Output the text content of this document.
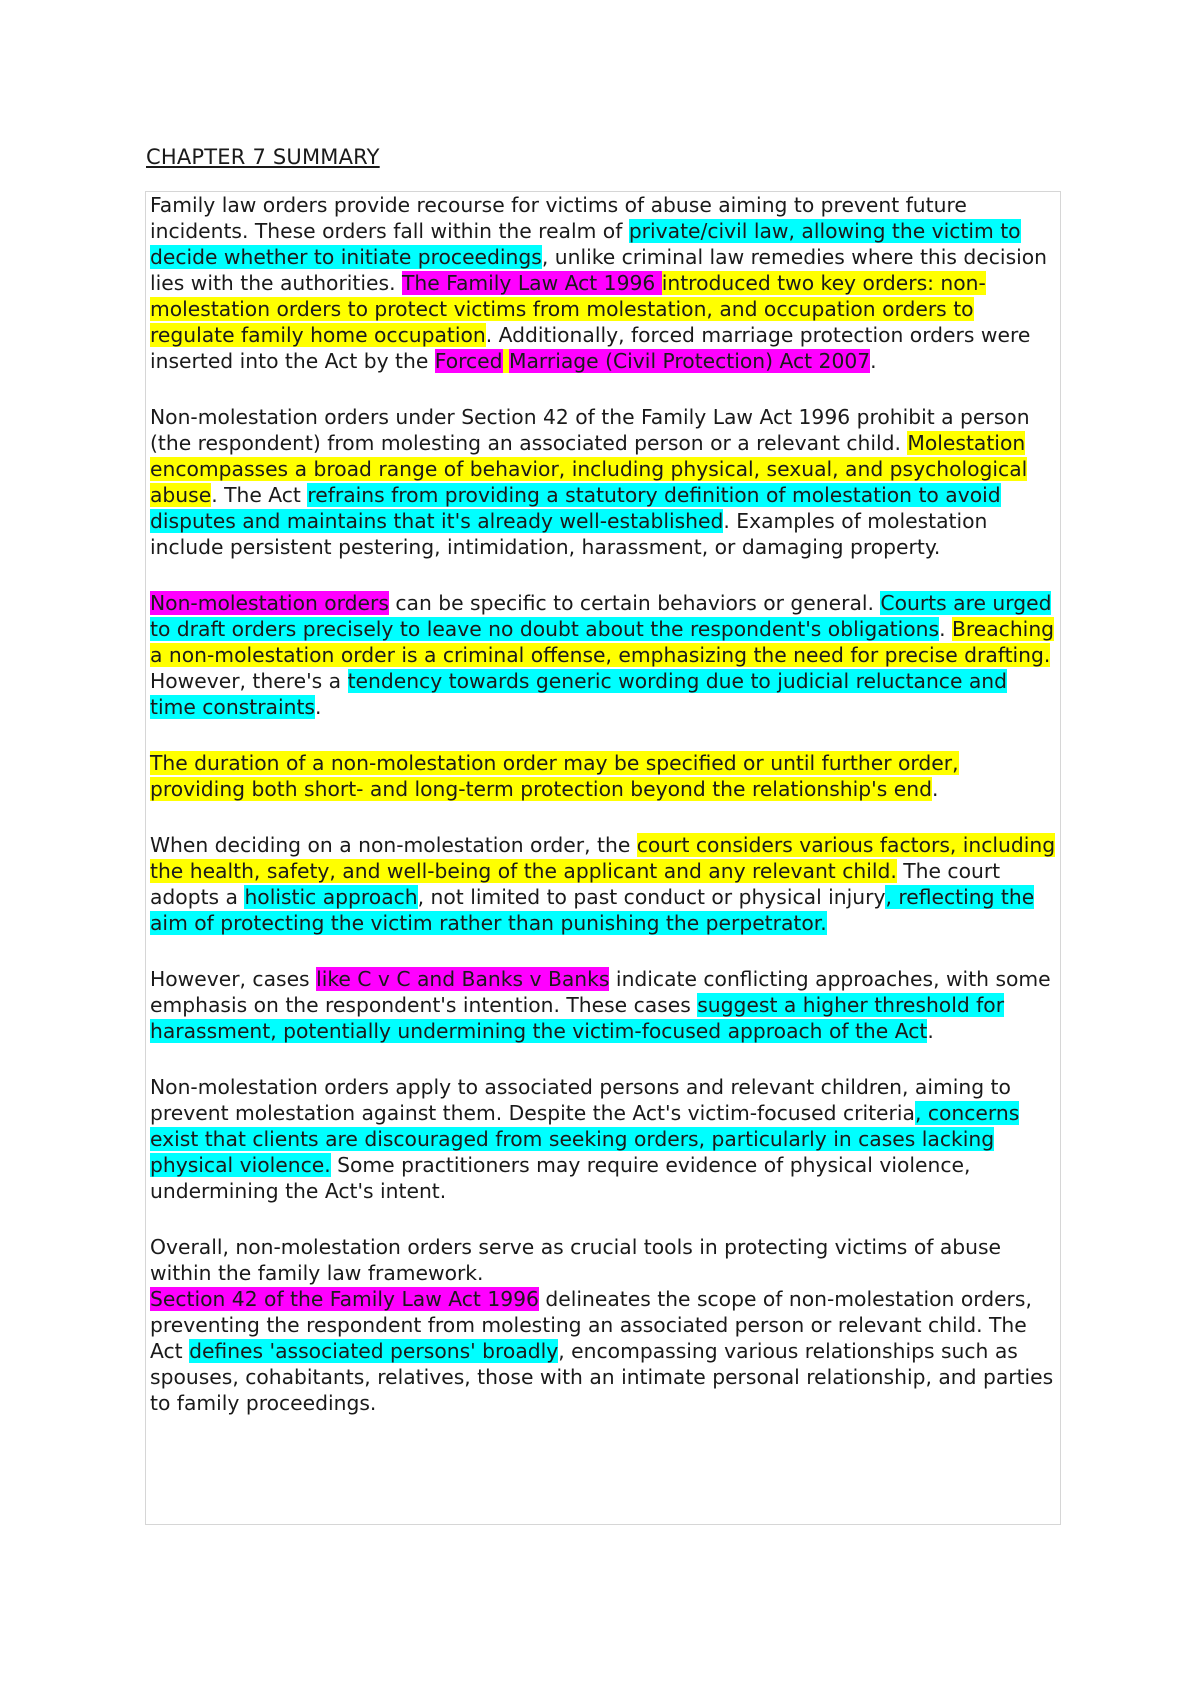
CHAPTER 7 SUMMARY

Family law orders provide recourse for victims of abuse aiming to prevent future incidents. These orders fall within the realm of private/civil law, allowing the victim to decide whether to initiate proceedings, unlike criminal law remedies where this decision lies with the authorities. The Family Law Act 1996 introduced two key orders: non-molestation orders to protect victims from molestation, and occupation orders to regulate family home occupation. Additionally, forced marriage protection orders were inserted into the Act by the Forced Marriage (Civil Protection) Act 2007.

Non-molestation orders under Section 42 of the Family Law Act 1996 prohibit a person (the respondent) from molesting an associated person or a relevant child. Molestation encompasses a broad range of behavior, including physical, sexual, and psychological abuse. The Act refrains from providing a statutory definition of molestation to avoid disputes and maintains that it's already well-established. Examples of molestation include persistent pestering, intimidation, harassment, or damaging property.

Non-molestation orders can be specific to certain behaviors or general. Courts are urged to draft orders precisely to leave no doubt about the respondent's obligations. Breaching a non-molestation order is a criminal offense, emphasizing the need for precise drafting. However, there's a tendency towards generic wording due to judicial reluctance and time constraints.

The duration of a non-molestation order may be specified or until further order, providing both short- and long-term protection beyond the relationship's end.

When deciding on a non-molestation order, the court considers various factors, including the health, safety, and well-being of the applicant and any relevant child. The court adopts a holistic approach, not limited to past conduct or physical injury, reflecting the aim of protecting the victim rather than punishing the perpetrator.

However, cases like C v C and Banks v Banks indicate conflicting approaches, with some emphasis on the respondent's intention. These cases suggest a higher threshold for harassment, potentially undermining the victim-focused approach of the Act.

Non-molestation orders apply to associated persons and relevant children, aiming to prevent molestation against them. Despite the Act's victim-focused criteria, concerns exist that clients are discouraged from seeking orders, particularly in cases lacking physical violence. Some practitioners may require evidence of physical violence, undermining the Act's intent.

Overall, non-molestation orders serve as crucial tools in protecting victims of abuse within the family law framework.
Section 42 of the Family Law Act 1996 delineates the scope of non-molestation orders, preventing the respondent from molesting an associated person or relevant child. The Act defines 'associated persons' broadly, encompassing various relationships such as spouses, cohabitants, relatives, those with an intimate personal relationship, and parties to family proceedings.
